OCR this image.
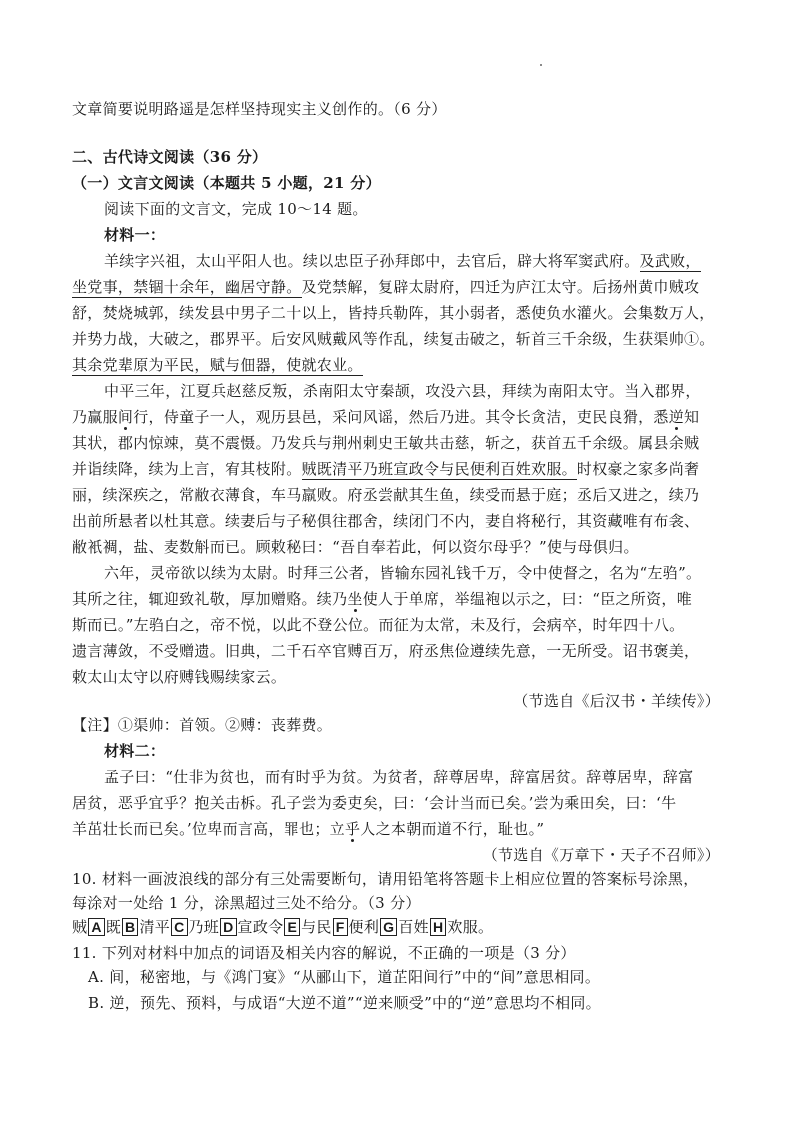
文章简要说明路遥是怎样坚持现实主义创作的。（6 分）
二、古代诗文阅读（36 分）
（一）文言文阅读（本题共 5 小题，21 分）
阅读下面的文言文，完成 10～14 题。
材料一：
羊续字兴祖，太山平阳人也。续以忠臣子孙拜郎中，去官后，辟大将军窦武府。及武败，
坐党事，禁锢十余年，幽居守静。及党禁解，复辟太尉府，四迁为庐江太守。后扬州黄巾贼攻
舒，焚烧城郭，续发县中男子二十以上，皆持兵勒阵，其小弱者，悉使负水灌火。会集数万人，
并势力战，大破之，郡界平。后安风贼戴风等作乱，续复击破之，斩首三千余级，生获渠帅①。
其余党辈原为平民，赋与佃器，使就农业。
中平三年，江夏兵赵慈反叛，杀南阳太守秦颉，攻没六县，拜续为南阳太守。当入郡界，
乃赢服间行，侍童子一人，观历县邑，采问风谣，然后乃进。其令长贪洁，吏民良猾，悉逆知
其状，郡内惊竦，莫不震慑。乃发兵与荆州刺史王敏共击慈，斩之，获首五千余级。属县余贼
并诣续降，续为上言，宥其枝附。贼既清平乃班宣政令与民便利百姓欢服。时权豪之家多尚奢
丽，续深疾之，常敝衣薄食，车马羸败。府丞尝献其生鱼，续受而悬于庭；丞后又进之，续乃
出前所悬者以杜其意。续妻后与子秘俱往郡舍，续闭门不内，妻自将秘行，其资藏唯有布衾、
敝衹裯，盐、麦数斛而已。顾敕秘曰：“吾自奉若此，何以资尔母乎？”使与母俱归。
六年，灵帝欲以续为太尉。时拜三公者，皆输东园礼钱千万，令中使督之，名为“左驺”。
其所之往，辄迎致礼敬，厚加赠赂。续乃坐使人于单席，举缊袍以示之，曰：“臣之所资，唯
斯而已。”左驺白之，帝不悦，以此不登公位。而征为太常，未及行，会病卒，时年四十八。
遗言薄敛，不受赠遗。旧典，二千石卒官赙百万，府丞焦俭遵续先意，一无所受。诏书褒美，
敕太山太守以府赙钱赐续家云。
（节选自《后汉书・羊续传》）
【注】①渠帅：首领。②赙：丧葬费。
材料二：
孟子曰：“仕非为贫也，而有时乎为贫。为贫者，辞尊居卑，辞富居贫。辞尊居卑，辞富
居贫，恶乎宜乎？抱关击柝。孔子尝为委吏矣，曰：‘会计当而已矣。’尝为乘田矣，曰：‘牛
羊茁壮长而已矣。’位卑而言高，罪也；立乎人之本朝而道不行，耻也。”
（节选自《万章下・天子不召师》）
10. 材料一画波浪线的部分有三处需要断句，请用铅笔将答题卡上相应位置的答案标号涂黑，
每涂对一处给 1 分，涂黑超过三处不给分。（3 分）
贼 A 既 B 清平 C 乃班 D 宣政令 E 与民 F 便利 G 百姓 H 欢服。
11. 下列对材料中加点的词语及相关内容的解说，不正确的一项是（3 分）
A. 间，秘密地，与《鸿门宴》“从郦山下，道芷阳间行”中的“间”意思相同。
B. 逆，预先、预料，与成语“大逆不道”“逆来顺受”中的“逆”意思均不相同。
